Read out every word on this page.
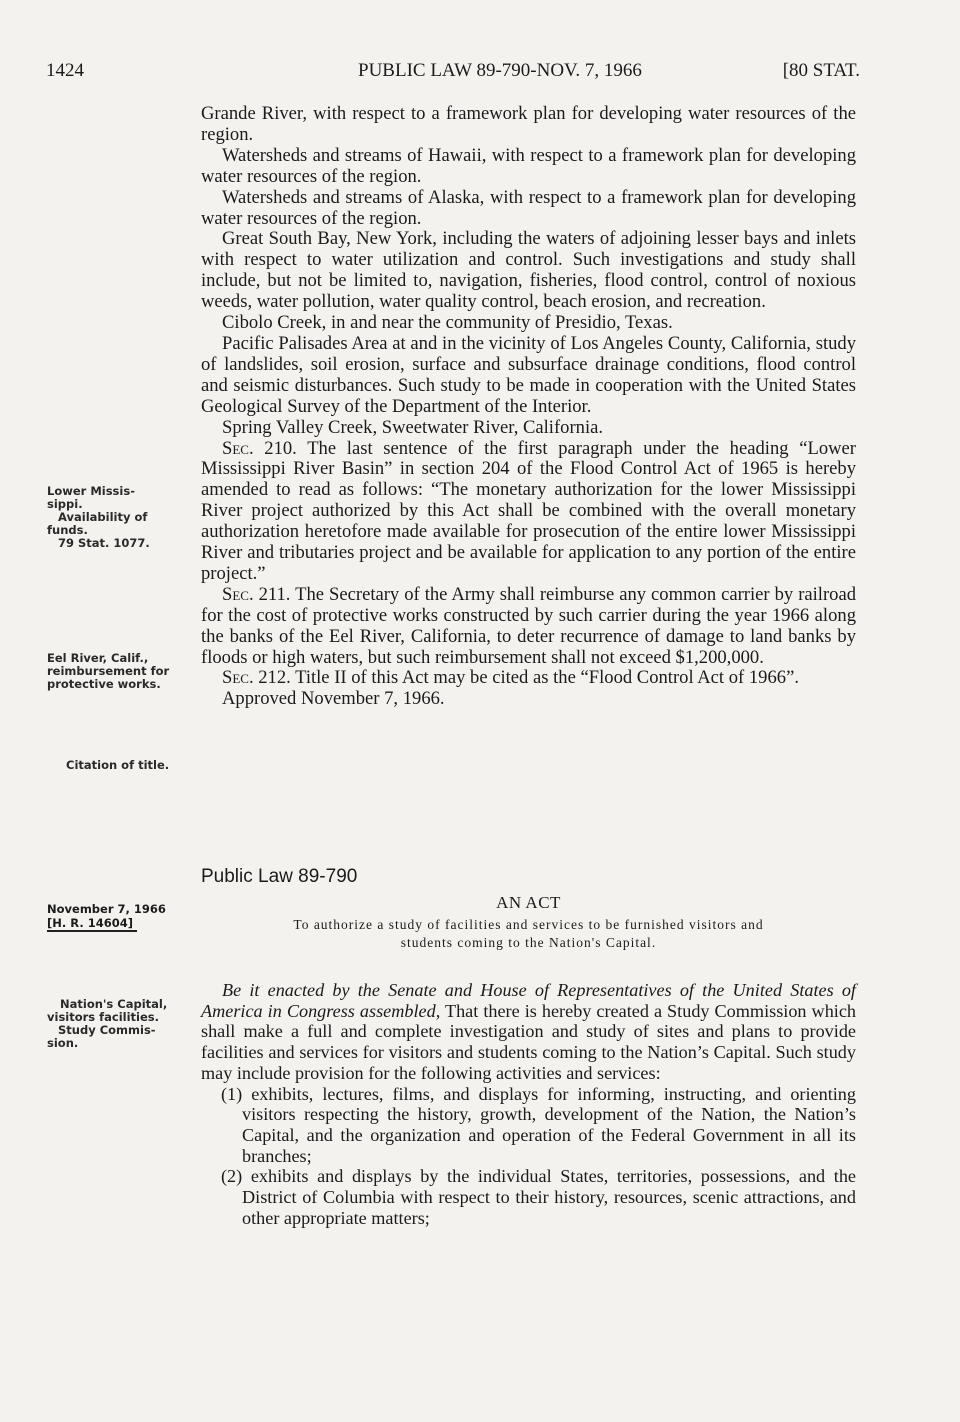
1424	PUBLIC LAW 89-790-NOV. 7, 1966	[80 STAT.

Grande River, with respect to a framework plan for developing water resources of the region.

Watersheds and streams of Hawaii, with respect to a framework plan for developing water resources of the region.

Watersheds and streams of Alaska, with respect to a framework plan for developing water resources of the region.

Great South Bay, New York, including the waters of adjoining lesser bays and inlets with respect to water utilization and control. Such investigations and study shall include, but not be limited to, navigation, fisheries, flood control, control of noxious weeds, water pollution, water quality control, beach erosion, and recreation.

Cibolo Creek, in and near the community of Presidio, Texas.

Pacific Palisades Area at and in the vicinity of Los Angeles County, California, study of landslides, soil erosion, surface and subsurface drainage conditions, flood control and seismic disturbances. Such study to be made in cooperation with the United States Geological Survey of the Department of the Interior.

Spring Valley Creek, Sweetwater River, California.

Sec. 210. The last sentence of the first paragraph under the heading “Lower Mississippi River Basin” in section 204 of the Flood Control Act of 1965 is hereby amended to read as follows: “The monetary authorization for the lower Mississippi River project authorized by this Act shall be combined with the overall monetary authorization heretofore made available for prosecution of the entire lower Mississippi River and tributaries project and be available for application to any portion of the entire project.”

Sec. 211. The Secretary of the Army shall reimburse any common carrier by railroad for the cost of protective works constructed by such carrier during the year 1966 along the banks of the Eel River, California, to deter recurrence of damage to land banks by floods or high waters, but such reimbursement shall not exceed $1,200,000.

Sec. 212. Title II of this Act may be cited as the “Flood Control Act of 1966”.

Approved November 7, 1966.

Lower Missis-
sippi.
Availability of
funds.
79 Stat. 1077.
Eel River, Calif.,
reimbursement for
protective works.
Citation of title.
November 7, 1966
[H. R. 14604]
Public Law 89-790
AN ACT
To authorize a study of facilities and services to be furnished visitors and
students coming to the Nation's Capital.
Nation's Capital,
visitors facilities.
Study Commis-
sion.

Be it enacted by the Senate and House of Representatives of the United States of America in Congress assembled, That there is hereby created a Study Commission which shall make a full and complete investigation and study of sites and plans to provide facilities and services for visitors and students coming to the Nation’s Capital. Such study may include provision for the following activities and services:

(1) exhibits, lectures, films, and displays for informing, instructing, and orienting visitors respecting the history, growth, development of the Nation, the Nation’s Capital, and the organization and operation of the Federal Government in all its branches;

(2) exhibits and displays by the individual States, territories, possessions, and the District of Columbia with respect to their history, resources, scenic attractions, and other appropriate matters;
